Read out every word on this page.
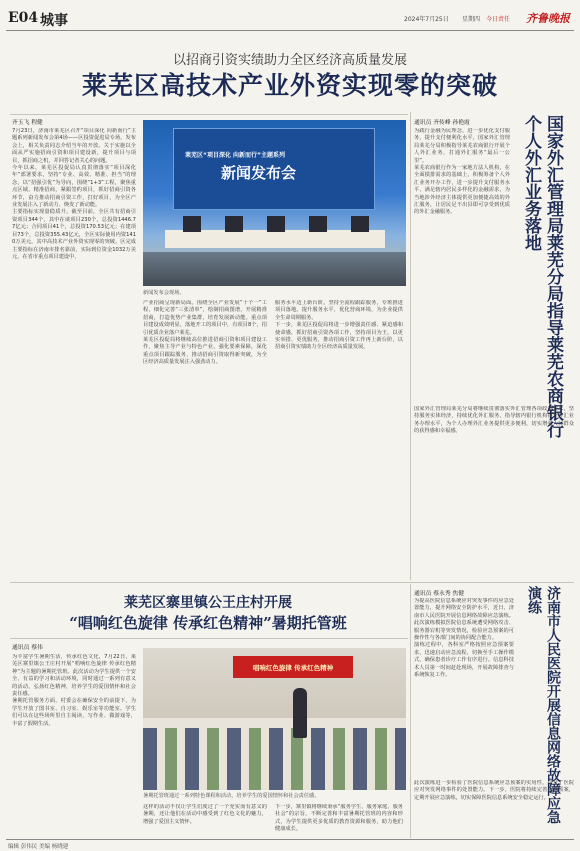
E04 城事	2024年7月25日 星期四 今日责任 齐鲁晚报
以招商引资实绩助力全区经济高质量发展
莱芜区高技术产业外资实现零的突破
齐玉飞 程健
7月23日，济南市莱芜区召开“项目深化 向新而行”主题系列新闻发布会第4场——区投资促进局专场。发布会上，相关负责同志介绍当年的开放。关于实施以全面从严实施招商引资和项目建设新，提升项目与项目，抓招商之机，并回答记者关心的问题。
今年以来，莱芜区投促局认真贯彻落实“项目深化年”部署要求，坚持“专业、高效、精准、担当”的理念，以“招强引优”为导向，围绕“1+3”工程，聚焦重点区域、精准招商，紧跟签约项目，抓好招商引资各环节，奋力推动招商引资工作，打好项目，为全区产业发展注入了新动力、焕发了新动能。
主要指标实现量稳质升。截至目前，全区共有招商引资项目344个，其中在谈项目230个，总投资1446.77亿元；合同项目41个，总投资170.53亿元；在建项目73个，总投资355.43亿元，全区实际使用内资1410万美元。其中高技术产业外资实现零的突破。区完成主要指标在济南市排名靠前，实际到位资金1032万美元，在省市重点项目建设中，
莱芜区“项目深化 向新而行”主题系列
新闻发布会
新闻发布会现场。
产业招商呈现新局面。围绕全区产业发展“十个一”工程，细化完善“三张清单”，绘制招商图谱，开展精准招商，打造优势产业集群，培育发展新动能。重点项目建设成效明显，落地开工的项目中，有项目8个，招引优质企业落户莱芜。
莱芜区投促局将继续高位推进招商引资和项目建设工作，聚焦主导产业与特色产业，强化要素保障，深化重点项目跟踪服务，推动招商引资取得新突破，为全区经济高质量发展注入强劲动力。
服务水平迈上新台阶。坚持全流程跟踪服务，专班推进项目落地。提升服务水平，优化营商环境，为企业提供全生命周期服务。
下一步，莱芜区投促局将进一步增强责任感、紧迫感和使命感，抓好招商引资各项工作，坚持项目为王，以更实举措、更优服务，推动招商引资工作再上新台阶，以招商引资实绩助力全区经济高质量发展。
通讯员 齐传峰 孙艳霞	国家外汇管理局莱芜分局指导莱芜农商银行个人外汇业务落地
为践行金融为民理念，进一步优化支付服务，提升支付便利化水平，国家外汇管理局莱芜分局积极指导莱芜农商银行开展个人外汇业务，打通外汇服务“最后一公里”。
莱芜农商银行作为一家地方法人机构，在全面摸排需求的基础上，积极筹备个人外汇业务开办工作，进一步提升支付服务水平，满足辖内居民多样化的金融需求，为当地涉外经济主体提供更加便捷高效的外汇服务，让居民足不出县即可享受到优质的外汇金融服务。
国家外汇管理局莱芜分局将继续贯彻落实外汇管理各项政策要求，坚持服务实体经济，持续优化外汇服务，指导辖内银行机构提升外汇业务办理水平，为个人办理外汇业务提供更多便利，切实增强人民群众的获得感和幸福感。
莱芜区寨里镇公王庄村开展
“唱响红色旋律 传承红色精神”暑期托管班
通讯员 蔡伟
为丰富学生暑期生活，传承红色文化，7月22日，莱芜区寨里镇公王庄村开展“唱响红色旋律 传承红色精神”为主题的暑期托管班。此次活动为学生提供一个安全、有益的学习和活动环境，同时通过一系列有意义的活动，弘扬红色精神，培养学生的爱国情怀和社会责任感。
暑期托管服务方面，村委会在确保安全的前提下，为学生开放了图书室、自习室、娱乐室等功能室。学生们可以在这些场所里自主阅读、写作业、做游戏等，丰富了假期生活。
唱响红色旋律 传承红色精神
暑期托管班通过一系列特色课程和活动，培养学生的爱国情怀和社会责任感。
这样的活动不仅让学生们度过了一个充实而有意义的暑期，还让他们在活动中感受到了红色文化的魅力，增强了爱国主义情怀。
下一步，寨里镇将继续秉承“服务学生、服务家庭、服务社会”的宗旨，不断完善和丰富暑期托管班的内容和形式，为学生提供更多优质的教育资源和服务，助力他们健康成长。
通讯员 蔡永秀 焦健	济南市人民医院开展信息网络故障应急演练
为提高医院信息系统应对突发事件的应急处置能力，提升网络安全防护水平，近日，济南市人民医院开展信息网络故障应急演练。此次演练模拟医院信息系统遭受网络攻击、服务器宕机等突发情况，检验应急预案的可操作性与各部门间的协同配合能力。
演练过程中，各科室严格按照应急预案要求，迅速启动应急流程，切换至手工操作模式，确保患者诊疗工作有序进行。信息科技术人员第一时间赶赴现场，开展故障排查与系统恢复工作。
此次演练进一步检验了医院信息系统应急预案的实用性，提升了医院应对突发网络事件的处置能力。下一步，医院将持续完善应急预案，定期开展应急演练，切实保障医院信息系统安全稳定运行。
编辑 彭伟民 美编 杨晓建
